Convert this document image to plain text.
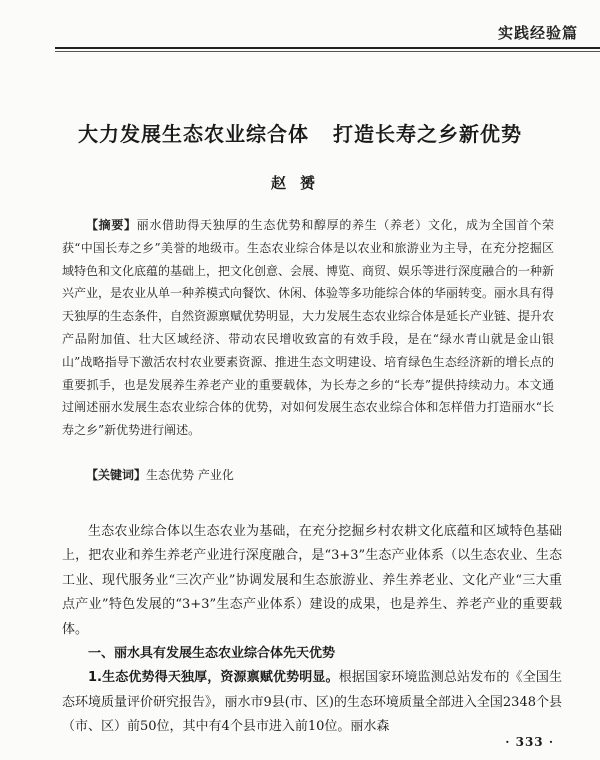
实践经验篇
大力发展生态农业综合体 打造长寿之乡新优势
赵赟
【摘要】丽水借助得天独厚的生态优势和醇厚的养生（养老）文化，成为全国首个荣获“中国长寿之乡”美誉的地级市。生态农业综合体是以农业和旅游业为主导，在充分挖掘区域特色和文化底蕴的基础上，把文化创意、会展、博览、商贸、娱乐等进行深度融合的一种新兴产业，是农业从单一种养模式向餐饮、休闲、体验等多功能综合体的华丽转变。丽水具有得天独厚的生态条件，自然资源禀赋优势明显，大力发展生态农业综合体是延长产业链、提升农产品附加值、壮大区域经济、带动农民增收致富的有效手段，是在“绿水青山就是金山银山”战略指导下激活农村农业要素资源、推进生态文明建设、培育绿色生态经济新的增长点的重要抓手，也是发展养生养老产业的重要载体，为长寿之乡的“长寿”提供持续动力。本文通过阐述丽水发展生态农业综合体的优势，对如何发展生态农业综合体和怎样借力打造丽水“长寿之乡”新优势进行阐述。
【关键词】生态优势 产业化

生态农业综合体以生态农业为基础，在充分挖掘乡村农耕文化底蕴和区域特色基础上，把农业和养生养老产业进行深度融合，是“3+3”生态产业体系（以生态农业、生态工业、现代服务业“三次产业”协调发展和生态旅游业、养生养老业、文化产业“三大重点产业”特色发展的“3+3”生态产业体系）建设的成果，也是养生、养老产业的重要载体。

一、丽水具有发展生态农业综合体先天优势

1.生态优势得天独厚，资源禀赋优势明显。根据国家环境监测总站发布的《全国生态环境质量评价研究报告》，丽水市9县(市、区)的生态环境质量全部进入全国2348个县（市、区）前50位，其中有4个县市进入前10位。丽水森

· 333 ·
